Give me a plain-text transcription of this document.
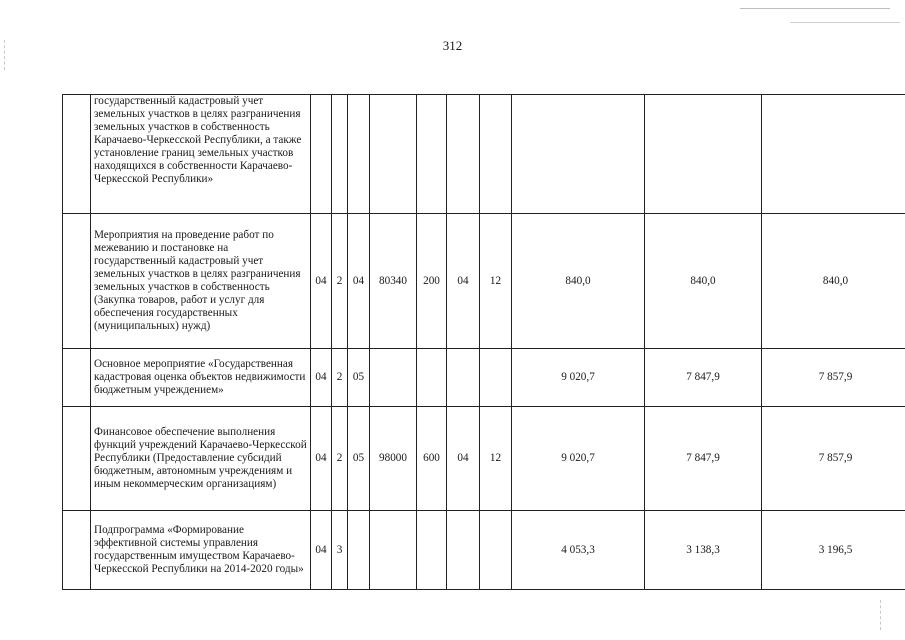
312
	государственный кадастровый учет земельных участков в целях разграничения земельных участков в собственность Карачаево-Черкесской Республики, а также установление границ земельных участков находящихся в собственности Карачаево-Черкесской Республики»										
	Мероприятия на проведение работ по межеванию и постановке на государственный кадастровый учет земельных участков в целях разграничения земельных участков в собственность (Закупка товаров, работ и услуг для обеспечения государственных (муниципальных) нужд)	04	2	04	80340	200	04	12	840,0	840,0	840,0
	Основное мероприятие «Государственная кадастровая оценка объектов недвижимости бюджетным учреждением»	04	2	05					9 020,7	7 847,9	7 857,9
	Финансовое обеспечение выполнения функций учреждений Карачаево-Черкесской Республики (Предоставление субсидий бюджетным, автономным учреждениям и иным некоммерческим организациям)	04	2	05	98000	600	04	12	9 020,7	7 847,9	7 857,9
	Подпрограмма «Формирование эффективной системы управления государственным имуществом Карачаево-Черкесской Республики на 2014-2020 годы»	04	3						4 053,3	3 138,3	3 196,5
